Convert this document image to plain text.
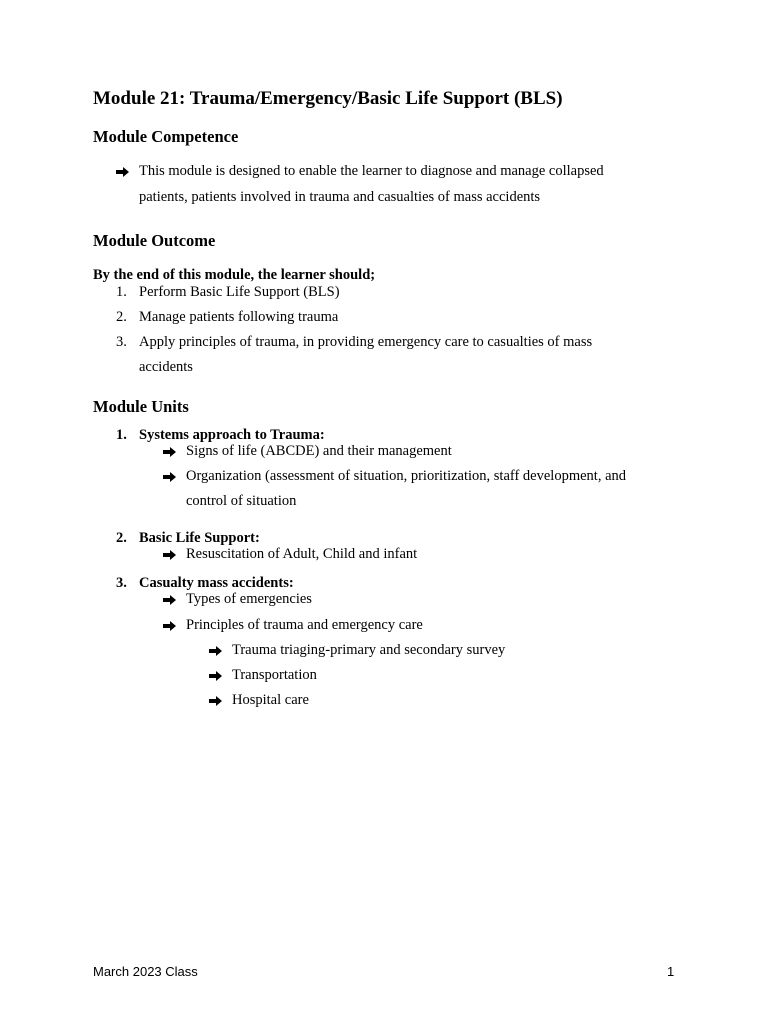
Module 21: Trauma/Emergency/Basic Life Support (BLS)
Module Competence
This module is designed to enable the learner to diagnose and manage collapsed
patients, patients involved in trauma and casualties of mass accidents
Module Outcome
By the end of this module, the learner should;
1. Perform Basic Life Support (BLS)
2. Manage patients following trauma
3. Apply principles of trauma, in providing emergency care to casualties of mass
accidents
Module Units
1. Systems approach to Trauma:
Signs of life (ABCDE) and their management
Organization (assessment of situation, prioritization, staff development, and
control of situation
2. Basic Life Support:
Resuscitation of Adult, Child and infant
3. Casualty mass accidents:
Types of emergencies
Principles of trauma and emergency care
Trauma triaging-primary and secondary survey
Transportation
Hospital care
March 2023 Class	1
